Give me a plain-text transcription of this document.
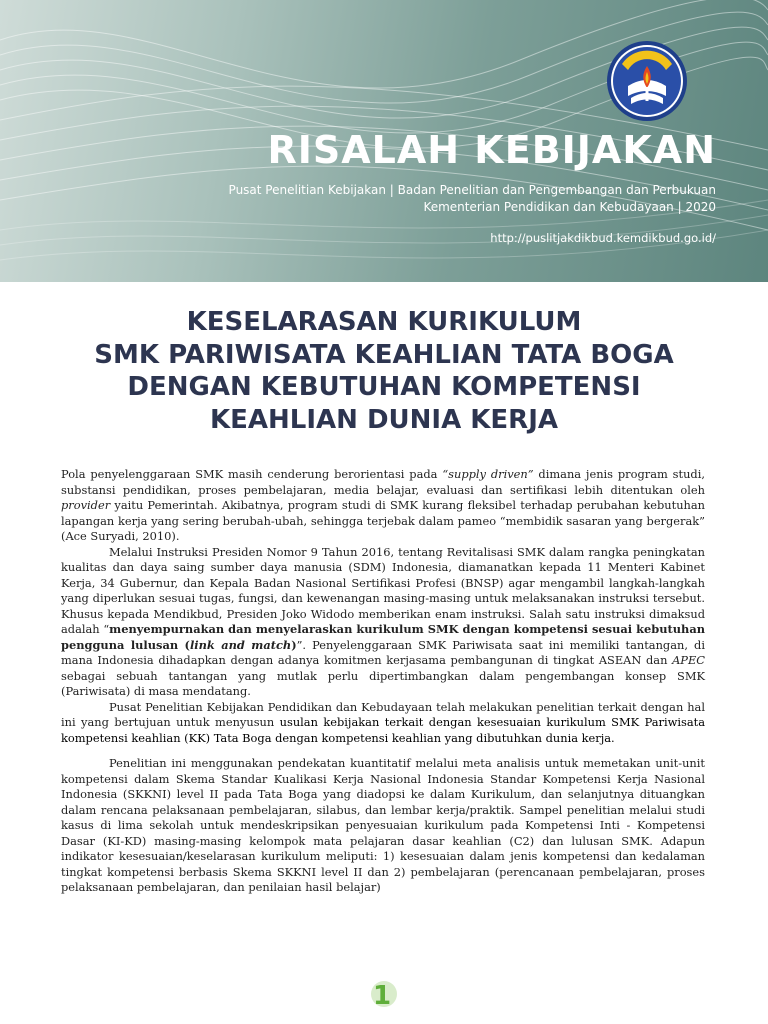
RISALAH KEBIJAKAN
Pusat Penelitian Kebijakan | Badan Penelitian dan Pengembangan dan Perbukuan
Kementerian Pendidikan dan Kebudayaan | 2020
http://puslitjakdikbud.kemdikbud.go.id/
KESELARASAN KURIKULUM
SMK PARIWISATA KEAHLIAN TATA BOGA
DENGAN KEBUTUHAN KOMPETENSI
KEAHLIAN DUNIA KERJA

Pola penyelenggaraan SMK masih cenderung berorientasi pada “supply driven” dimana jenis program studi, substansi pendidikan, proses pembelajaran, media belajar, evaluasi dan sertifikasi lebih ditentukan oleh provider yaitu Pemerintah. Akibatnya, program studi di SMK kurang fleksibel terhadap perubahan kebutuhan lapangan kerja yang sering berubah-ubah, sehingga terjebak dalam pameo “membidik sasaran yang bergerak” (Ace Suryadi, 2010).

Melalui Instruksi Presiden Nomor 9 Tahun 2016, tentang Revitalisasi SMK dalam rangka peningkatan kualitas dan daya saing sumber daya manusia (SDM) Indonesia, diamanatkan kepada 11 Menteri Kabinet Kerja, 34 Gubernur, dan Kepala Badan Nasional Sertifikasi Profesi (BNSP) agar mengambil langkah-langkah yang diperlukan sesuai tugas, fungsi, dan kewenangan masing-masing untuk melaksanakan instruksi tersebut. Khusus kepada Mendikbud, Presiden Joko Widodo memberikan enam instruksi. Salah satu instruksi dimaksud adalah “menyempurnakan dan menyelaraskan kurikulum SMK dengan kompetensi sesuai kebutuhan pengguna lulusan (link and match)”. Penyelenggaraan SMK Pariwisata saat ini memiliki tantangan, di mana Indonesia dihadapkan dengan adanya komitmen kerjasama pembangunan di tingkat ASEAN dan APEC sebagai sebuah tantangan yang mutlak perlu dipertimbangkan dalam pengembangan konsep SMK (Pariwisata) di masa mendatang.

Pusat Penelitian Kebijakan Pendidikan dan Kebudayaan telah melakukan penelitian terkait dengan hal ini yang bertujuan untuk menyusun usulan kebijakan terkait dengan kesesuaian kurikulum SMK Pariwisata kompetensi keahlian (KK) Tata Boga dengan kompetensi keahlian yang dibutuhkan dunia kerja.

Penelitian ini menggunakan pendekatan kuantitatif melalui meta analisis untuk memetakan unit-unit kompetensi dalam Skema Standar Kualikasi Kerja Nasional Indonesia Standar Kompetensi Kerja Nasional Indonesia (SKKNI) level II pada Tata Boga yang diadopsi ke dalam Kurikulum, dan selanjutnya dituangkan dalam rencana pelaksanaan pembelajaran, silabus, dan lembar kerja/praktik. Sampel penelitian melalui studi kasus di lima sekolah untuk mendeskripsikan penyesuaian kurikulum pada Kompetensi Inti - Kompetensi Dasar (KI-KD) masing-masing kelompok mata pelajaran dasar keahlian (C2) dan lulusan SMK. Adapun indikator kesesuaian/keselarasan kurikulum meliputi: 1) kesesuaian dalam jenis kompetensi dan kedalaman tingkat kompetensi berbasis Skema SKKNI level II dan 2) pembelajaran (perencanaan pembelajaran, proses pelaksanaan pembelajaran, dan penilaian hasil belajar)

1
